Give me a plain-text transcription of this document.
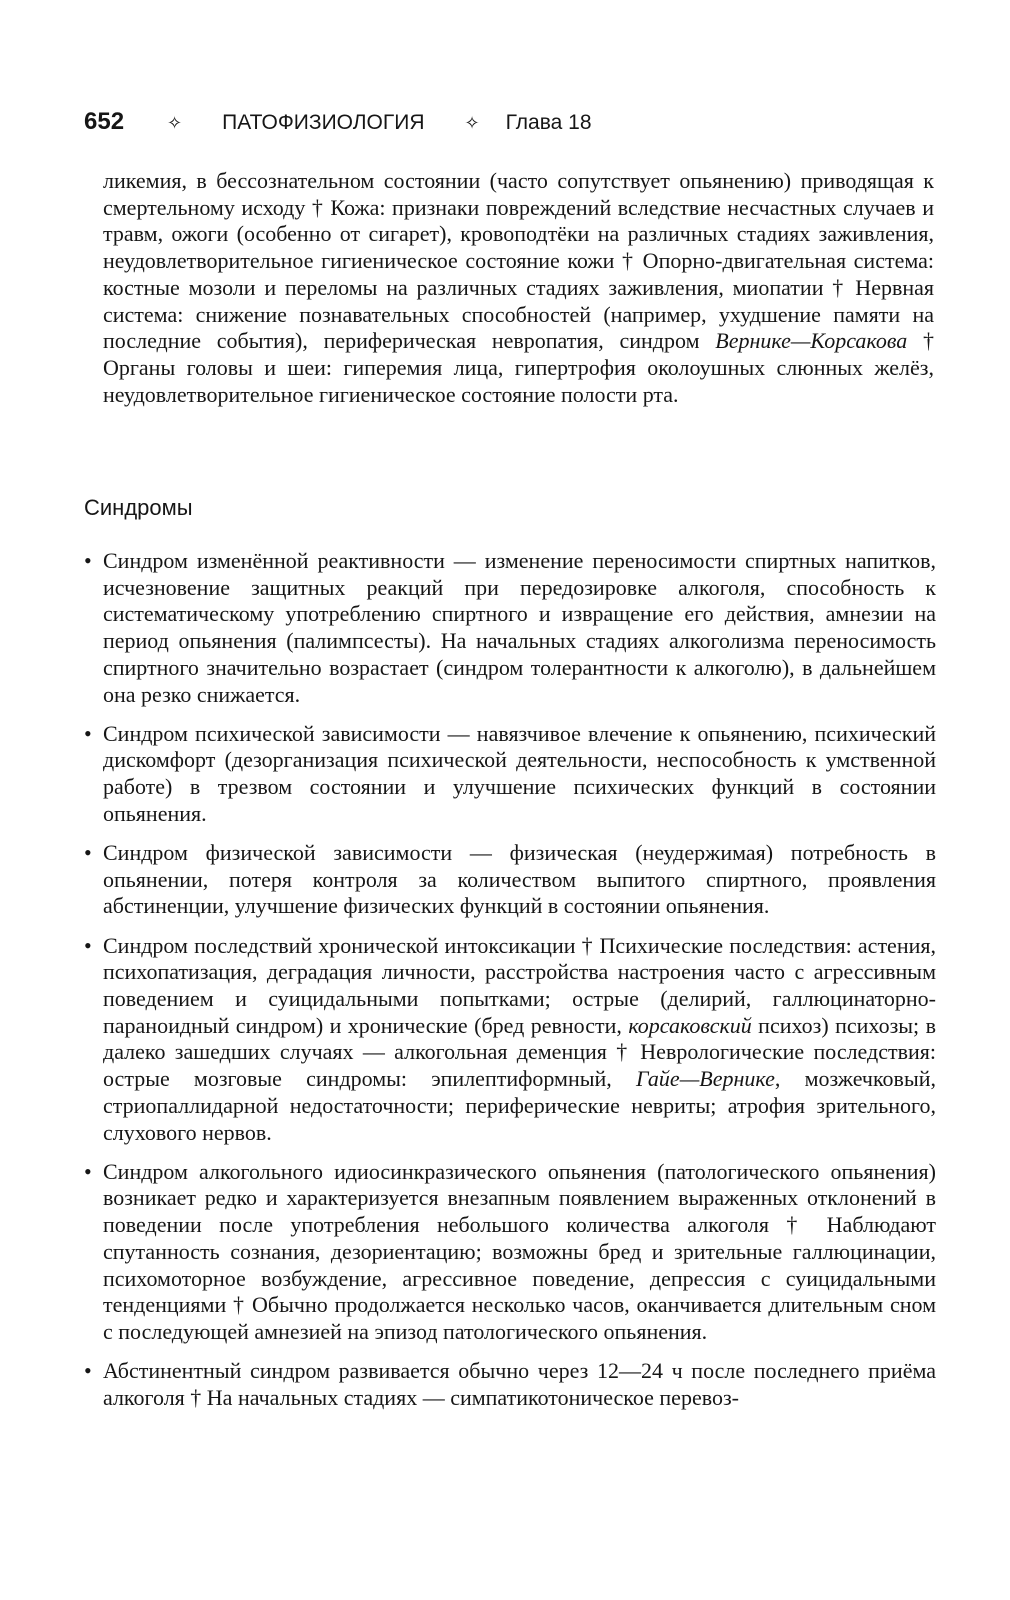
652 ✧ ПАТОФИЗИОЛОГИЯ ✧ Глава 18

ликемия, в бессознательном состоянии (часто сопутствует опьянению) приводящая к смертельному исходу † Кожа: признаки повреждений вследствие несчастных случаев и травм, ожоги (особенно от сигарет), кровоподтёки на различных стадиях заживления, неудовлетворительное гигиеническое состояние кожи † Опорно-двигательная система: костные мозоли и переломы на различных стадиях заживления, миопатии † Нервная система: снижение познавательных способностей (например, ухудшение памяти на последние события), периферическая невропатия, синдром Вернике—Корсакова † Органы головы и шеи: гиперемия лица, гипертрофия околоушных слюнных желёз, неудовлетворительное гигиеническое состояние полости рта.

Синдромы
• Синдром изменённой реактивности — изменение переносимости спиртных напитков, исчезновение защитных реакций при передозировке алкоголя, способность к систематическому употреблению спиртного и извращение его действия, амнезии на период опьянения (палимпсесты). На начальных стадиях алкоголизма переносимость спиртного значительно возрастает (синдром толерантности к алкоголю), в дальнейшем она резко снижается.
• Синдром психической зависимости — навязчивое влечение к опьянению, психический дискомфорт (дезорганизация психической деятельности, неспособность к умственной работе) в трезвом состоянии и улучшение психических функций в состоянии опьянения.
• Синдром физической зависимости — физическая (неудержимая) потребность в опьянении, потеря контроля за количеством выпитого спиртного, проявления абстиненции, улучшение физических функций в состоянии опьянения.
• Синдром последствий хронической интоксикации † Психические последствия: астения, психопатизация, деградация личности, расстройства настроения часто с агрессивным поведением и суицидальными попытками; острые (делирий, галлюцинаторно-параноидный синдром) и хронические (бред ревности, корсаковский психоз) психозы; в далеко зашедших случаях — алкогольная деменция † Неврологические последствия: острые мозговые синдромы: эпилептиформный, Гайе—Вернике, мозжечковый, стриопаллидарной недостаточности; периферические невриты; атрофия зрительного, слухового нервов.
• Синдром алкогольного идиосинкразического опьянения (патологического опьянения) возникает редко и характеризуется внезапным появлением выраженных отклонений в поведении после употребления небольшого количества алкоголя † Наблюдают спутанность сознания, дезориентацию; возможны бред и зрительные галлюцинации, психомоторное возбуждение, агрессивное поведение, депрессия с суицидальными тенденциями † Обычно продолжается несколько часов, оканчивается длительным сном с последующей амнезией на эпизод патологического опьянения.
• Абстинентный синдром развивается обычно через 12—24 ч после последнего приёма алкоголя † На начальных стадиях — симпатикотоническое перевоз-
